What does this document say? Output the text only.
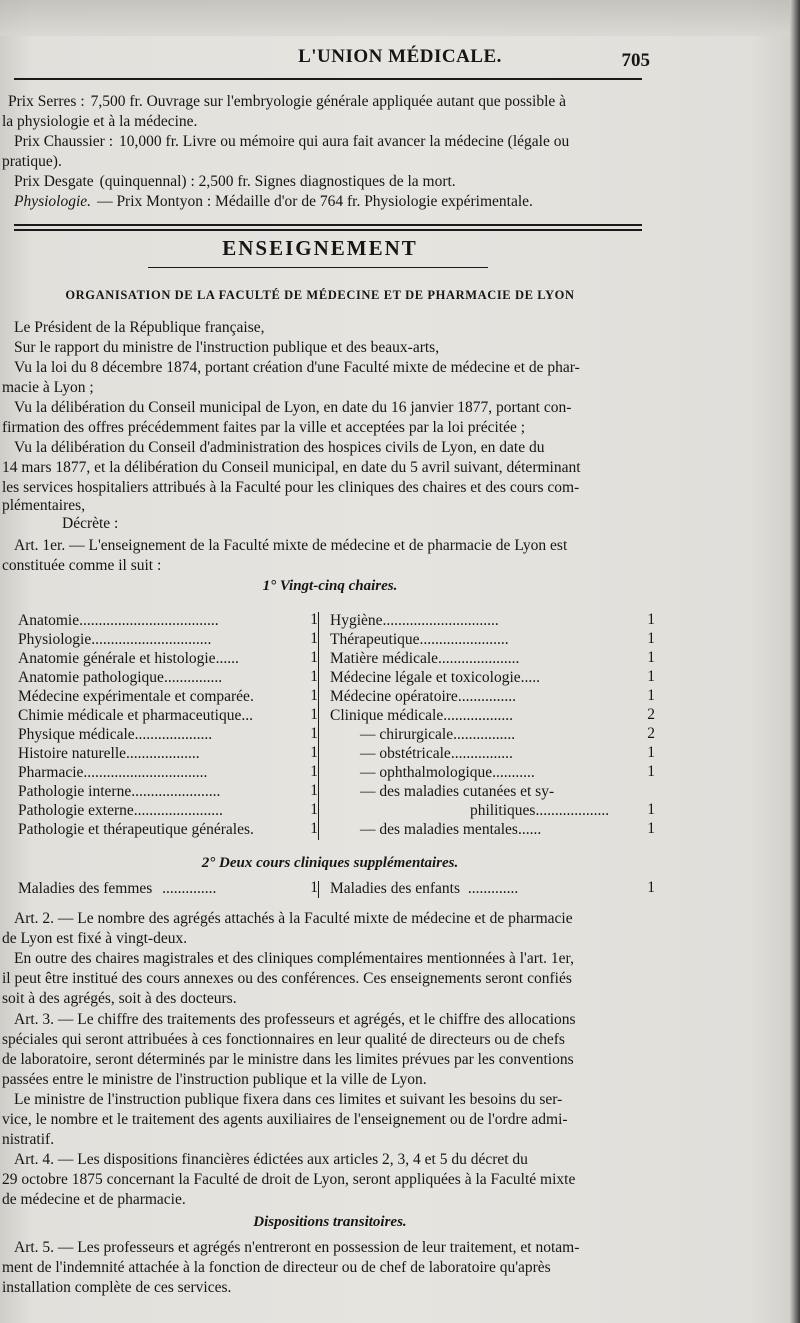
L'UNION MÉDICALE.	705
Prix Serres : 7,500 fr. Ouvrage sur l'embryologie générale appliquée autant que possible à
la physiologie et à la médecine.
Prix Chaussier : 10,000 fr. Livre ou mémoire qui aura fait avancer la médecine (légale ou
pratique).
Prix Desgate (quinquennal) : 2,500 fr. Signes diagnostiques de la mort.
Physiologie. — Prix Montyon : Médaille d'or de 764 fr. Physiologie expérimentale.
ENSEIGNEMENT
ORGANISATION DE LA FACULTÉ DE MÉDECINE ET DE PHARMACIE DE LYON
Le Président de la République française,
Sur le rapport du ministre de l'instruction publique et des beaux-arts,
Vu la loi du 8 décembre 1874, portant création d'une Faculté mixte de médecine et de phar-
macie à Lyon ;
Vu la délibération du Conseil municipal de Lyon, en date du 16 janvier 1877, portant con-
firmation des offres précédemment faites par la ville et acceptées par la loi précitée ;
Vu la délibération du Conseil d'administration des hospices civils de Lyon, en date du
14 mars 1877, et la délibération du Conseil municipal, en date du 5 avril suivant, déterminant
les services hospitaliers attribués à la Faculté pour les cliniques des chaires et des cours com-
plémentaires,
Décrète :
Art. 1er. — L'enseignement de la Faculté mixte de médecine et de pharmacie de Lyon est
constituée comme il suit :
1° Vingt-cinq chaires.
Anatomie....................................	1
Physiologie...............................	1
Anatomie générale et histologie......	1
Anatomie pathologique...............	1
Médecine expérimentale et comparée.	1
Chimie médicale et pharmaceutique...	1
Physique médicale....................	1
Histoire naturelle...................	1
Pharmacie................................	1
Pathologie interne.......................	1
Pathologie externe.......................	1
Pathologie et thérapeutique générales.	1
Hygiène..............................	1
Thérapeutique.......................	1
Matière médicale.....................	1
Médecine légale et toxicologie.....	1
Médecine opératoire...............	1
Clinique médicale..................	2
— chirurgicale................	2
— obstétricale................	1
— ophthalmologique...........	1
— des maladies cutanées et sy-
philitiques...................	1
— des maladies mentales......	1
2° Deux cours cliniques supplémentaires.
Maladies des femmes ..............	1 Maladies des enfants .............	1
Art. 2. — Le nombre des agrégés attachés à la Faculté mixte de médecine et de pharmacie
de Lyon est fixé à vingt-deux.
En outre des chaires magistrales et des cliniques complémentaires mentionnées à l'art. 1er,
il peut être institué des cours annexes ou des conférences. Ces enseignements seront confiés
soit à des agrégés, soit à des docteurs.
Art. 3. — Le chiffre des traitements des professeurs et agrégés, et le chiffre des allocations
spéciales qui seront attribuées à ces fonctionnaires en leur qualité de directeurs ou de chefs
de laboratoire, seront déterminés par le ministre dans les limites prévues par les conventions
passées entre le ministre de l'instruction publique et la ville de Lyon.
Le ministre de l'instruction publique fixera dans ces limites et suivant les besoins du ser-
vice, le nombre et le traitement des agents auxiliaires de l'enseignement ou de l'ordre admi-
nistratif.
Art. 4. — Les dispositions financières édictées aux articles 2, 3, 4 et 5 du décret du
29 octobre 1875 concernant la Faculté de droit de Lyon, seront appliquées à la Faculté mixte
de médecine et de pharmacie.
Dispositions transitoires.
Art. 5. — Les professeurs et agrégés n'entreront en possession de leur traitement, et notam-
ment de l'indemnité attachée à la fonction de directeur ou de chef de laboratoire qu'après
installation complète de ces services.
